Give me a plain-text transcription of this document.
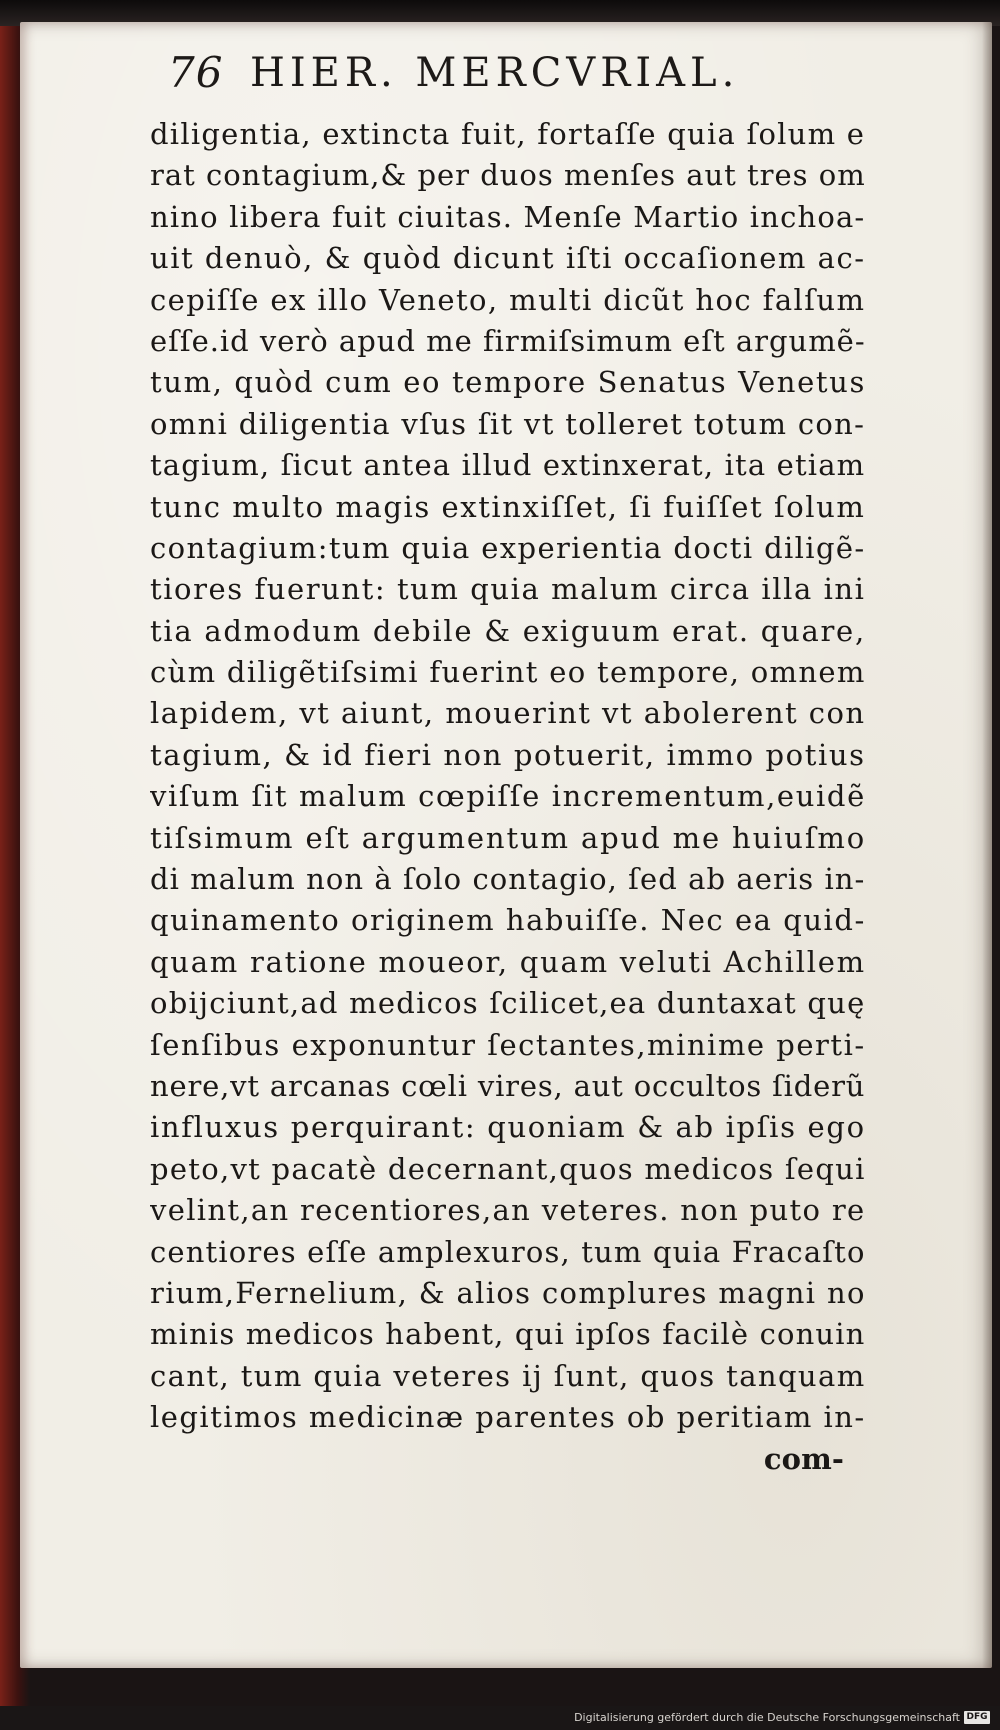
76 HIER. MERCVRIAL.
diligentia, extincta fuit, fortaſſe quia ſolum e
rat contagium,& per duos menſes aut tres om
nino libera fuit ciuitas. Menſe Martio inchoa-
uit denuò, & quòd dicunt iſti occaſionem ac-
cepiſſe ex illo Veneto, multi dicũt hoc falſum
eſſe.id verò apud me firmiſsimum eſt argumẽ-
tum, quòd cum eo tempore Senatus Venetus
omni diligentia vſus ſit vt tolleret totum con-
tagium, ſicut antea illud extinxerat, ita etiam
tunc multo magis extinxiſſet, ſi fuiſſet ſolum
contagium:tum quia experientia docti diligẽ-
tiores fuerunt: tum quia malum circa illa ini
tia admodum debile & exiguum erat. quare,
cùm diligẽtiſsimi fuerint eo tempore, omnem
lapidem, vt aiunt, mouerint vt abolerent con
tagium, & id fieri non potuerit, immo potius
viſum ſit malum cœpiſſe incrementum,euidẽ
tiſsimum eſt argumentum apud me huiuſmo
di malum non à ſolo contagio, ſed ab aeris in-
quinamento originem habuiſſe. Nec ea quid-
quam ratione moueor, quam veluti Achillem
obijciunt,ad medicos ſcilicet,ea duntaxat quę
ſenſibus exponuntur ſectantes,minime perti-
nere,vt arcanas cœli vires, aut occultos ſiderũ
influxus perquirant: quoniam & ab ipſis ego
peto,vt pacatè decernant,quos medicos ſequi
velint,an recentiores,an veteres. non puto re
centiores eſſe amplexuros, tum quia Fracaſto
rium,Fernelium, & alios complures magni no
minis medicos habent, qui ipſos facilè conuin
cant, tum quia veteres ij ſunt, quos tanquam
legitimos medicinæ parentes ob peritiam in-
com-
Digitalisierung gefördert durch die Deutsche Forschungsgemeinschaft DFG
